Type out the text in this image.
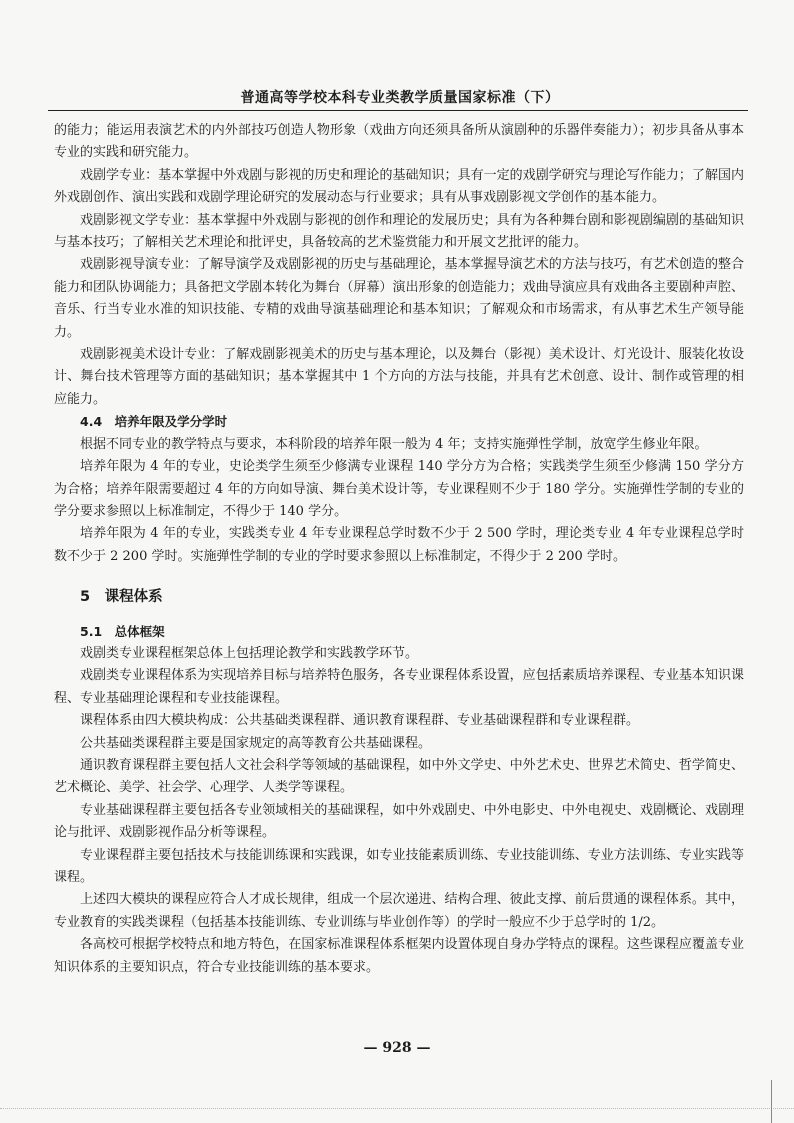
普通高等学校本科专业类教学质量国家标准（下）

的能力；能运用表演艺术的内外部技巧创造人物形象（戏曲方向还须具备所从演剧种的乐器伴奏能力）；初步具备从事本专业的实践和研究能力。

戏剧学专业：基本掌握中外戏剧与影视的历史和理论的基础知识；具有一定的戏剧学研究与理论写作能力；了解国内外戏剧创作、演出实践和戏剧学理论研究的发展动态与行业要求；具有从事戏剧影视文学创作的基本能力。

戏剧影视文学专业：基本掌握中外戏剧与影视的创作和理论的发展历史；具有为各种舞台剧和影视剧编剧的基础知识与基本技巧；了解相关艺术理论和批评史，具备较高的艺术鉴赏能力和开展文艺批评的能力。

戏剧影视导演专业：了解导演学及戏剧影视的历史与基础理论，基本掌握导演艺术的方法与技巧，有艺术创造的整合能力和团队协调能力；具备把文学剧本转化为舞台（屏幕）演出形象的创造能力；戏曲导演应具有戏曲各主要剧种声腔、音乐、行当专业水准的知识技能、专精的戏曲导演基础理论和基本知识；了解观众和市场需求，有从事艺术生产领导能力。

戏剧影视美术设计专业：了解戏剧影视美术的历史与基本理论，以及舞台（影视）美术设计、灯光设计、服装化妆设计、舞台技术管理等方面的基础知识；基本掌握其中 1 个方向的方法与技能，并具有艺术创意、设计、制作或管理的相应能力。

4.4　培养年限及学分学时

根据不同专业的教学特点与要求，本科阶段的培养年限一般为 4 年；支持实施弹性学制，放宽学生修业年限。

培养年限为 4 年的专业，史论类学生须至少修满专业课程 140 学分方为合格；实践类学生须至少修满 150 学分方为合格；培养年限需要超过 4 年的方向如导演、舞台美术设计等，专业课程则不少于 180 学分。实施弹性学制的专业的学分要求参照以上标准制定，不得少于 140 学分。

培养年限为 4 年的专业，实践类专业 4 年专业课程总学时数不少于 2 500 学时，理论类专业 4 年专业课程总学时数不少于 2 200 学时。实施弹性学制的专业的学时要求参照以上标准制定，不得少于 2 200 学时。

5　课程体系
5.1　总体框架

戏剧类专业课程框架总体上包括理论教学和实践教学环节。

戏剧类专业课程体系为实现培养目标与培养特色服务，各专业课程体系设置，应包括素质培养课程、专业基本知识课程、专业基础理论课程和专业技能课程。

课程体系由四大模块构成：公共基础类课程群、通识教育课程群、专业基础课程群和专业课程群。

公共基础类课程群主要是国家规定的高等教育公共基础课程。

通识教育课程群主要包括人文社会科学等领域的基础课程，如中外文学史、中外艺术史、世界艺术简史、哲学简史、艺术概论、美学、社会学、心理学、人类学等课程。

专业基础课程群主要包括各专业领域相关的基础课程，如中外戏剧史、中外电影史、中外电视史、戏剧概论、戏剧理论与批评、戏剧影视作品分析等课程。

专业课程群主要包括技术与技能训练课和实践课，如专业技能素质训练、专业技能训练、专业方法训练、专业实践等课程。

上述四大模块的课程应符合人才成长规律，组成一个层次递进、结构合理、彼此支撑、前后贯通的课程体系。其中，专业教育的实践类课程（包括基本技能训练、专业训练与毕业创作等）的学时一般应不少于总学时的 1/2。

各高校可根据学校特点和地方特色，在国家标准课程体系框架内设置体现自身办学特点的课程。这些课程应覆盖专业知识体系的主要知识点，符合专业技能训练的基本要求。

— 928 —
